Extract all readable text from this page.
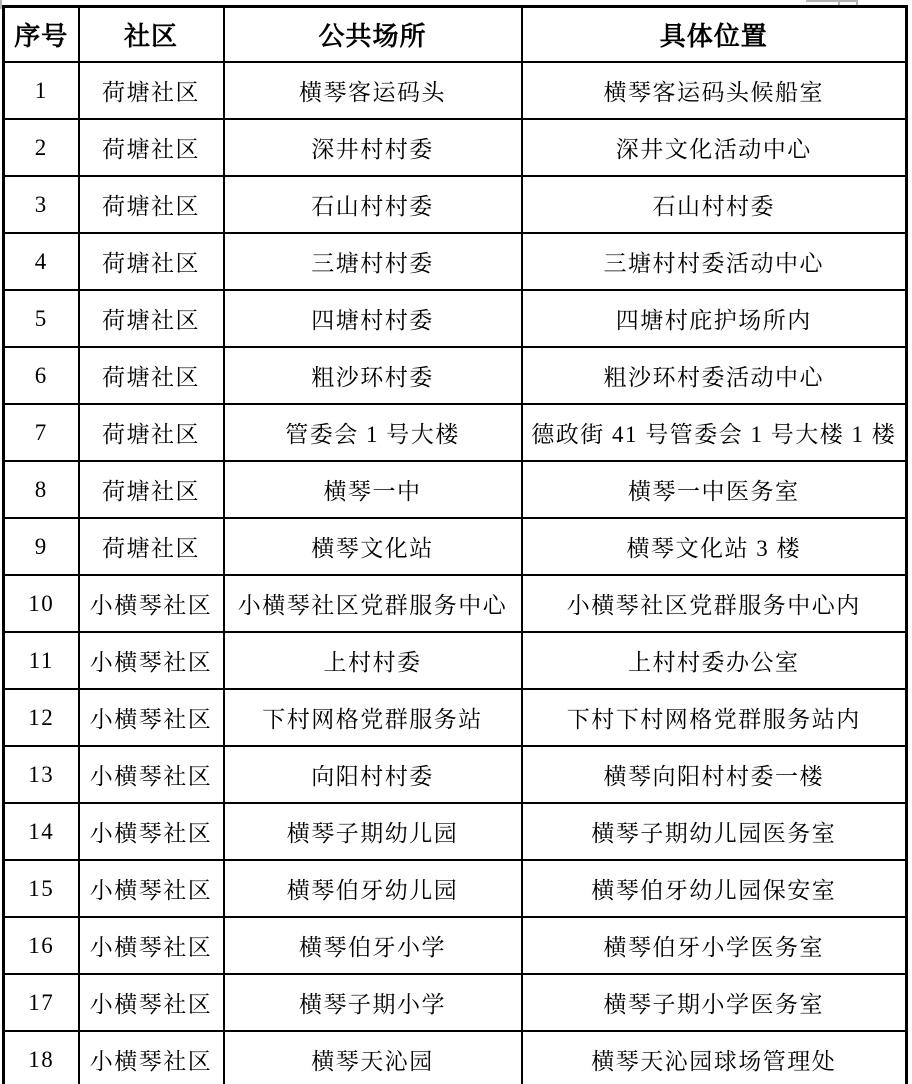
序号	社区	公共场所	具体位置
1	荷塘社区	横琴客运码头	横琴客运码头候船室
2	荷塘社区	深井村村委	深井文化活动中心
3	荷塘社区	石山村村委	石山村村委
4	荷塘社区	三塘村村委	三塘村村委活动中心
5	荷塘社区	四塘村村委	四塘村庇护场所内
6	荷塘社区	粗沙环村委	粗沙环村委活动中心
7	荷塘社区	管委会 1 号大楼	德政街 41 号管委会 1 号大楼 1 楼
8	荷塘社区	横琴一中	横琴一中医务室
9	荷塘社区	横琴文化站	横琴文化站 3 楼
10	小横琴社区	小横琴社区党群服务中心	小横琴社区党群服务中心内
11	小横琴社区	上村村委	上村村委办公室
12	小横琴社区	下村网格党群服务站	下村下村网格党群服务站内
13	小横琴社区	向阳村村委	横琴向阳村村委一楼
14	小横琴社区	横琴子期幼儿园	横琴子期幼儿园医务室
15	小横琴社区	横琴伯牙幼儿园	横琴伯牙幼儿园保安室
16	小横琴社区	横琴伯牙小学	横琴伯牙小学医务室
17	小横琴社区	横琴子期小学	横琴子期小学医务室
18	小横琴社区	横琴天沁园	横琴天沁园球场管理处
